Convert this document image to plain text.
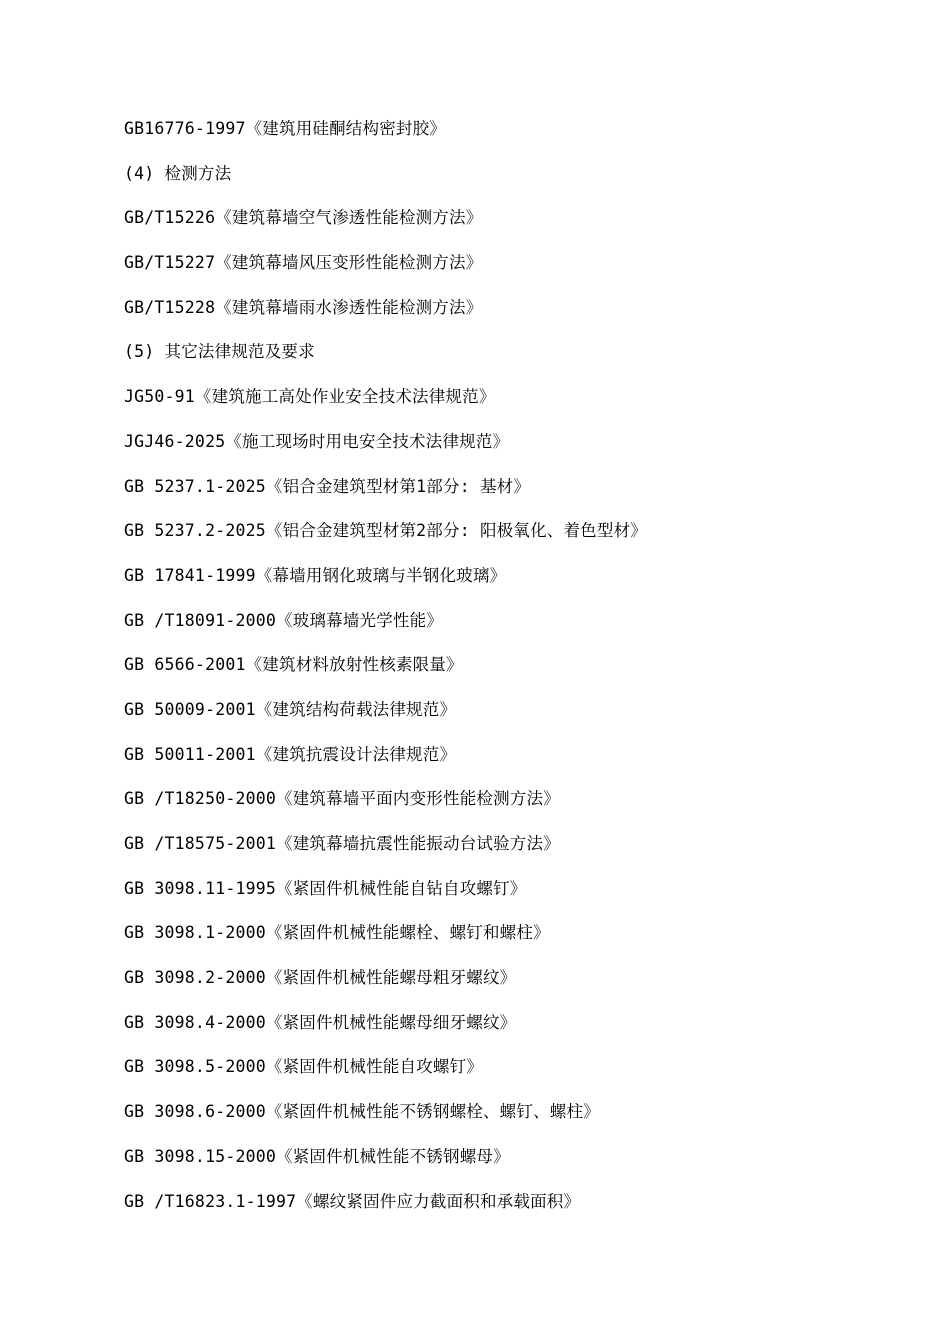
GB16776-1997《建筑用硅酮结构密封胶》
(4) 检测方法
GB/T15226《建筑幕墙空气渗透性能检测方法》
GB/T15227《建筑幕墙风压变形性能检测方法》
GB/T15228《建筑幕墙雨水渗透性能检测方法》
(5) 其它法律规范及要求
JG50-91《建筑施工高处作业安全技术法律规范》
JGJ46-2025《施工现场时用电安全技术法律规范》
GB 5237.1-2025《铝合金建筑型材第1部分: 基材》
GB 5237.2-2025《铝合金建筑型材第2部分: 阳极氧化、着色型材》
GB 17841-1999《幕墙用钢化玻璃与半钢化玻璃》
GB /T18091-2000《玻璃幕墙光学性能》
GB 6566-2001《建筑材料放射性核素限量》
GB 50009-2001《建筑结构荷载法律规范》
GB 50011-2001《建筑抗震设计法律规范》
GB /T18250-2000《建筑幕墙平面内变形性能检测方法》
GB /T18575-2001《建筑幕墙抗震性能振动台试验方法》
GB 3098.11-1995《紧固件机械性能自钻自攻螺钉》
GB 3098.1-2000《紧固件机械性能螺栓、螺钉和螺柱》
GB 3098.2-2000《紧固件机械性能螺母粗牙螺纹》
GB 3098.4-2000《紧固件机械性能螺母细牙螺纹》
GB 3098.5-2000《紧固件机械性能自攻螺钉》
GB 3098.6-2000《紧固件机械性能不锈钢螺栓、螺钉、螺柱》
GB 3098.15-2000《紧固件机械性能不锈钢螺母》
GB /T16823.1-1997《螺纹紧固件应力截面积和承载面积》
